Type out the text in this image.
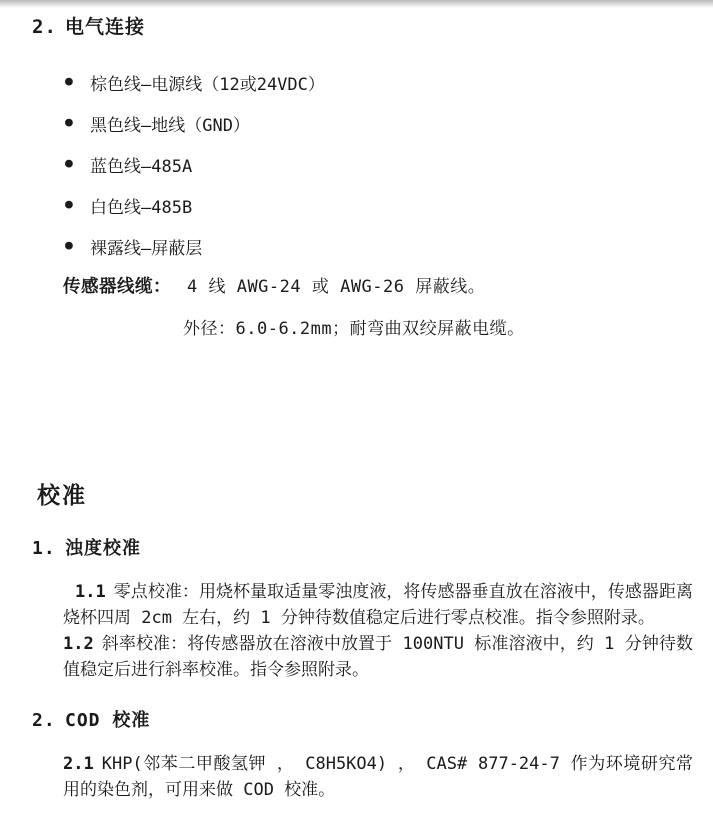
2. 电气连接
●	棕色线—电源线（12或24VDC）
●	黑色线—地线（GND）
●	蓝色线—485A
●	白色线—485B
●	裸露线—屏蔽层
传感器线缆： 4 线 AWG-24 或 AWG-26 屏蔽线。
外径：6.0-6.2mm；耐弯曲双绞屏蔽电缆。
校准
1. 浊度校准

1.1 零点校准：用烧杯量取适量零浊度液，将传感器垂直放在溶液中，传感器距离烧杯四周 2cm 左右，约 1 分钟待数值稳定后进行零点校准。指令参照附录。

1.2 斜率校准：将传感器放在溶液中放置于 100NTU 标准溶液中，约 1 分钟待数值稳定后进行斜率校准。指令参照附录。

2. COD 校准

2.1 KHP(邻苯二甲酸氢钾 ， C8H5KO4) ， CAS# 877-24-7 作为环境研究常用的染色剂，可用来做 COD 校准。
